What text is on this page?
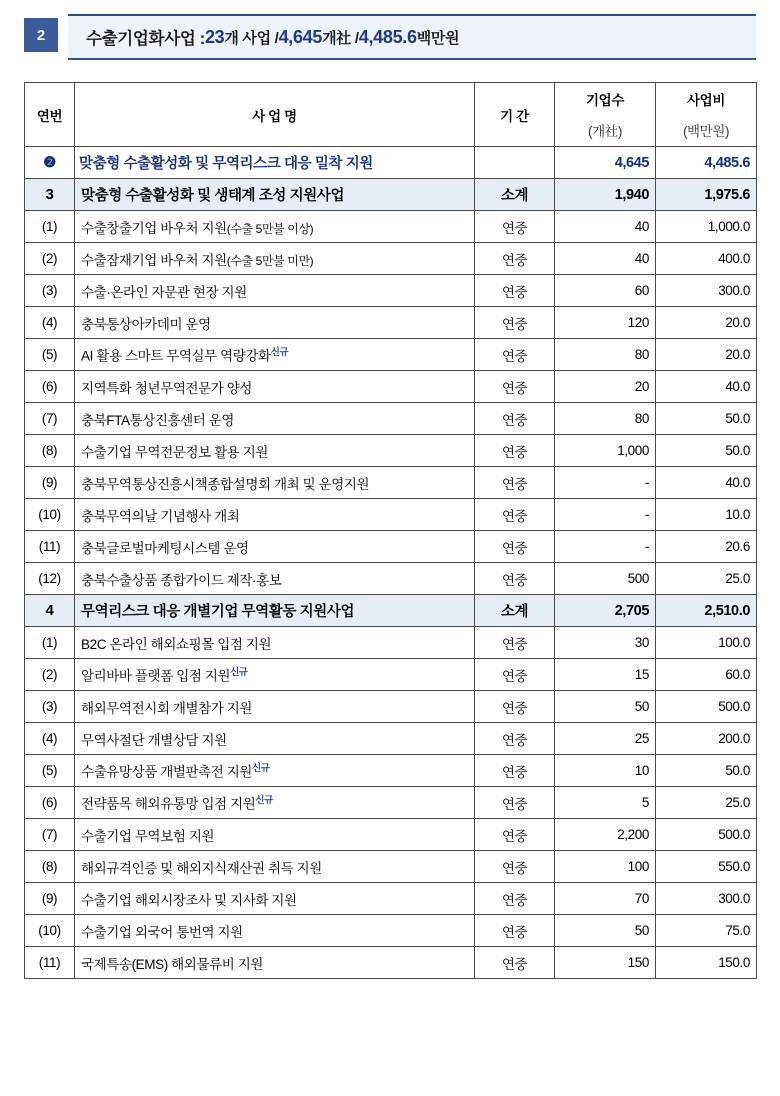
2	수출기업화사업 : 23 개 사업 / 4,645 개社 / 4,485.6 백만원
연번	사 업 명	기 간	기업수	사업비
			(개社)	(백만원)
❷	맞춤형 수출활성화 및 무역리스크 대응 밀착 지원		4,645	4,485.6
3	맞춤형 수출활성화 및 생태계 조성 지원사업	소계	1,940	1,975.6
(1)	수출창출기업 바우처 지원(수출 5만불 이상)	연중	40	1,000.0
(2)	수출잠재기업 바우처 지원(수출 5만불 미만)	연중	40	400.0
(3)	수출·온라인 자문관 현장 지원	연중	60	300.0
(4)	충북통상아카데미 운영	연중	120	20.0
(5)	AI 활용 스마트 무역실무 역량강화$^{신규}$	연중	80	20.0
(6)	지역특화 청년무역전문가 양성	연중	20	40.0
(7)	충북FTA통상진흥센터 운영	연중	80	50.0
(8)	수출기업 무역전문정보 활용 지원	연중	1,000	50.0
(9)	충북무역통상진흥시책종합설명회 개최 및 운영지원	연중	-	40.0
(10)	충북무역의날 기념행사 개최	연중	-	10.0
(11)	충북글로벌마케팅시스템 운영	연중	-	20.6
(12)	충북수출상품 종합가이드 제작·홍보	연중	500	25.0
4	무역리스크 대응 개별기업 무역활동 지원사업	소계	2,705	2,510.0
(1)	B2C 온라인 해외쇼핑몰 입점 지원	연중	30	100.0
(2)	알리바바 플랫폼 입점 지원$^{신규}$	연중	15	60.0
(3)	해외무역전시회 개별참가 지원	연중	50	500.0
(4)	무역사절단 개별상담 지원	연중	25	200.0
(5)	수출유망상품 개별판촉전 지원$^{신규}$	연중	10	50.0
(6)	전략품목 해외유통망 입점 지원$^{신규}$	연중	5	25.0
(7)	수출기업 무역보험 지원	연중	2,200	500.0
(8)	해외규격인증 및 해외지식재산권 취득 지원	연중	100	550.0
(9)	수출기업 해외시장조사 및 지사화 지원	연중	70	300.0
(10)	수출기업 외국어 통번역 지원	연중	50	75.0
(11)	국제특송(EMS) 해외물류비 지원	연중	150	150.0
